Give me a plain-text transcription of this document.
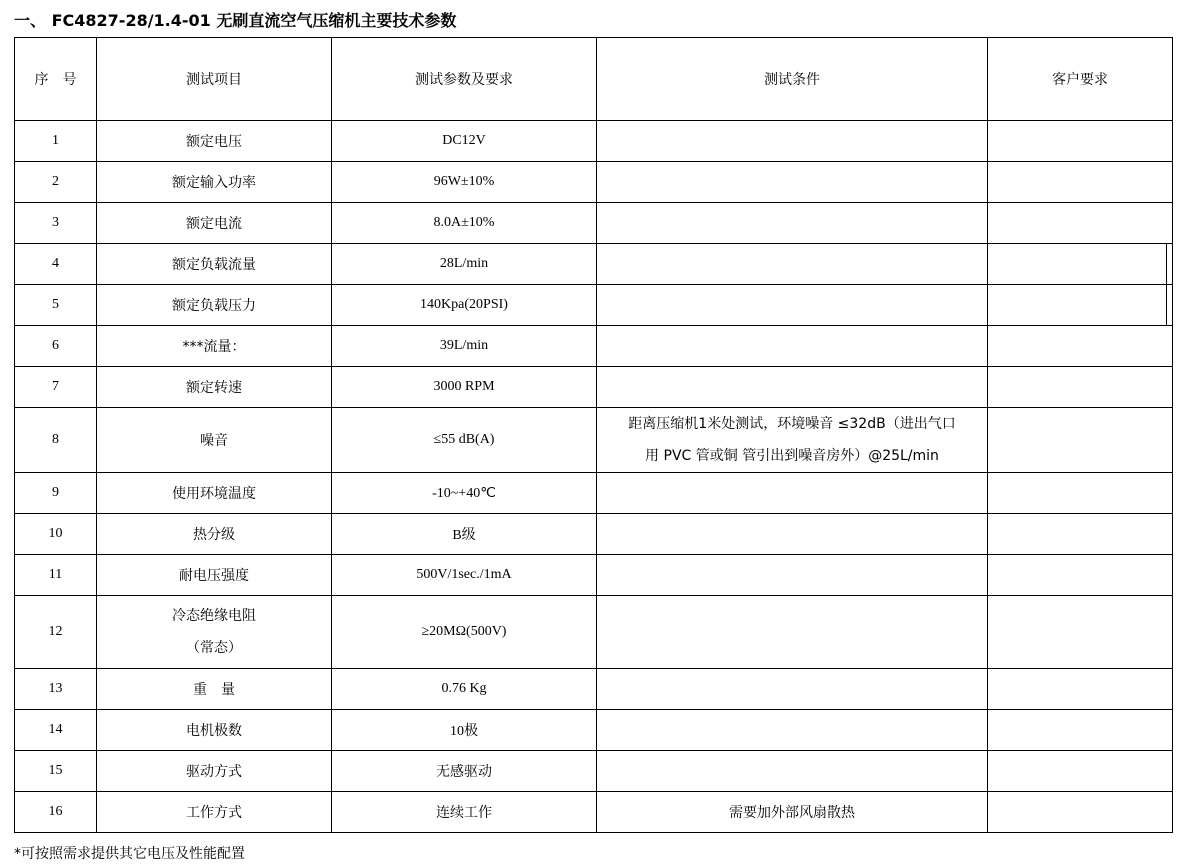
一、 FC4827-28/1.4-01 无刷直流空气压缩机主要技术参数
序　号	测试项目	测试参数及要求	测试条件	客户要求
1	额定电压	DC12V		
2	额定输入功率	96W±10%		
3	额定电流	8.0A±10%		
4	额定负载流量	28L/min		
5	额定负载压力	140Kpa(20PSI)		
6	***流量：	39L/min		
7	额定转速	3000 RPM		
8	噪音	≤55 dB(A)	距离压缩机1米处测试，环境噪音 ≤32dB（进出气口
用 PVC 管或铜 管引出到噪音房外）@25L/min	

9	使用环境温度	-10~+40℃		
10	热分级	B级		
11	耐电压强度	500V/1sec./1mA		
12	冷态绝缘电阻
（常态）	≥20MΩ(500V)		
13	重　量	0.76 Kg		
14	电机极数	10极		
15	驱动方式	无感驱动		
16	工作方式	连续工作	需要加外部风扇散热	
*可按照需求提供其它电压及性能配置
